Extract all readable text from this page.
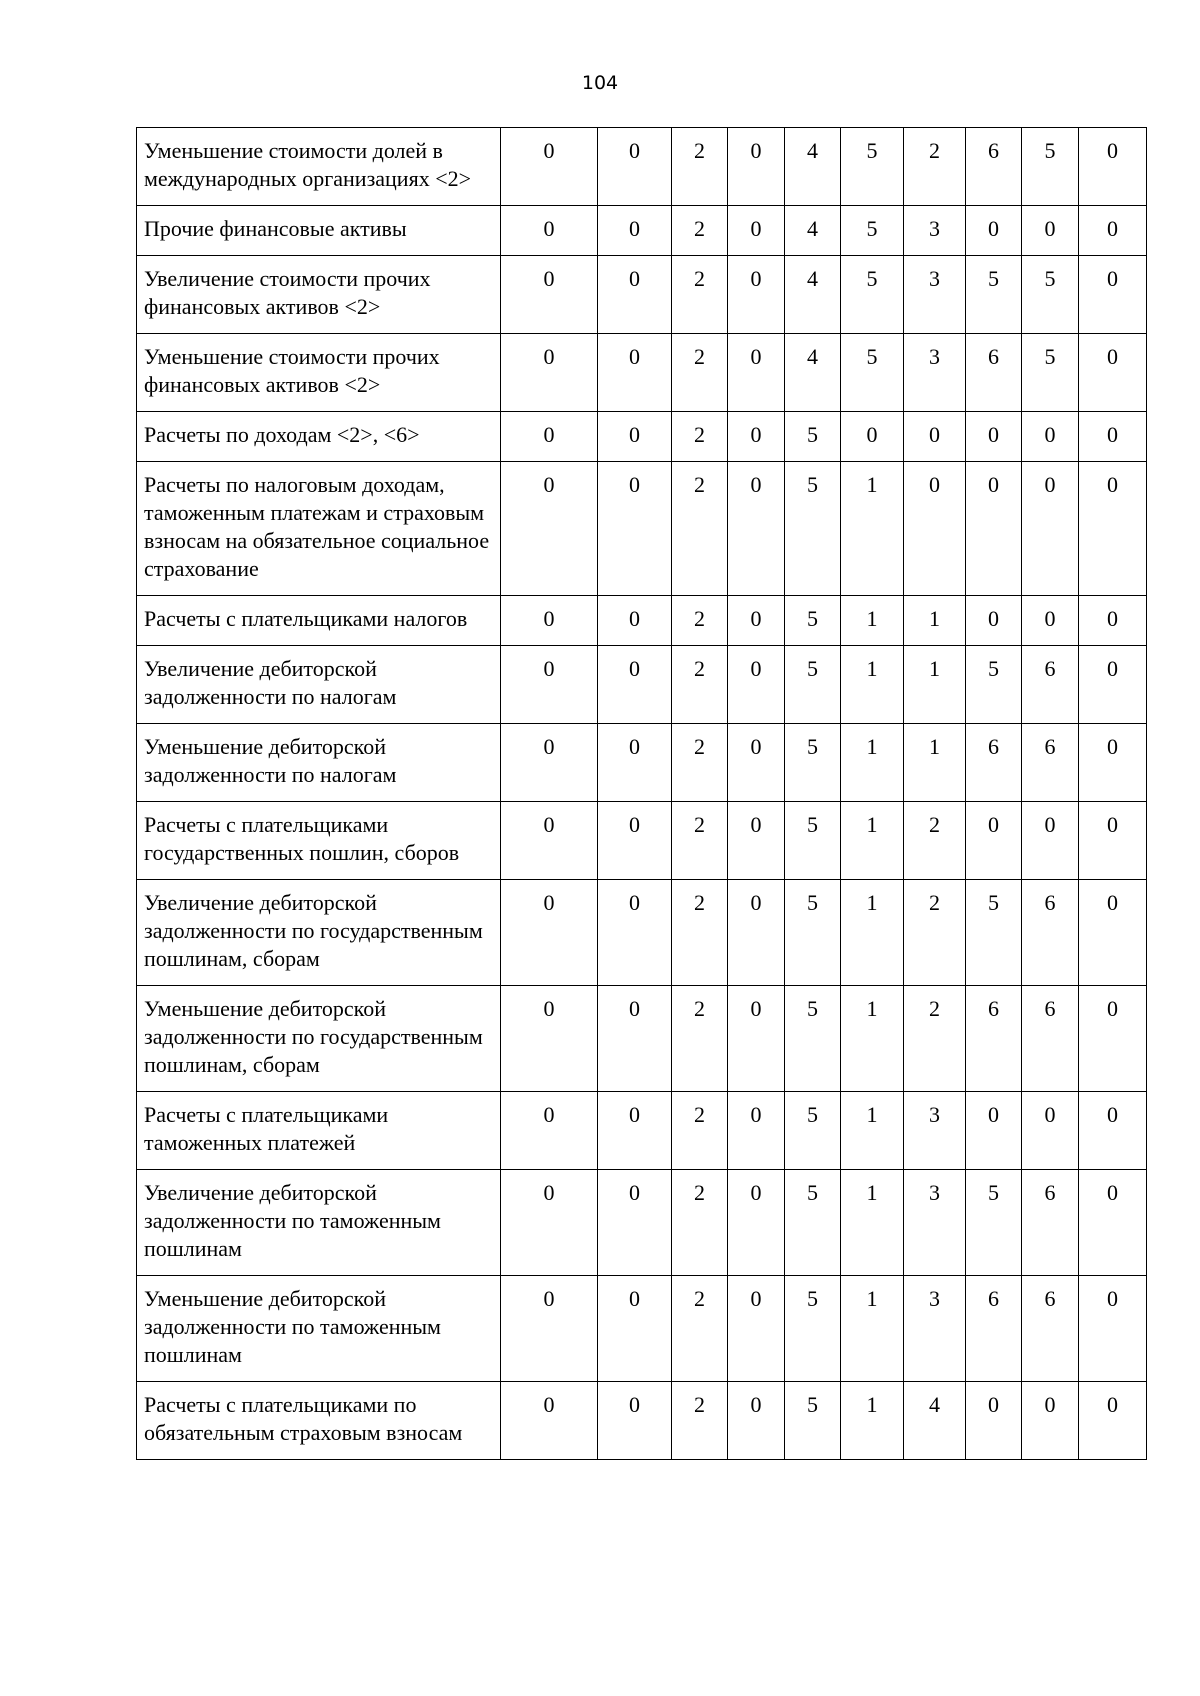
104
Уменьшение стоимости долей в международных организациях <2>	0	0	2	0	4	5	2	6	5	0
Прочие финансовые активы	0	0	2	0	4	5	3	0	0	0
Увеличение стоимости прочих финансовых активов <2>	0	0	2	0	4	5	3	5	5	0
Уменьшение стоимости прочих финансовых активов <2>	0	0	2	0	4	5	3	6	5	0
Расчеты по доходам <2>, <6>	0	0	2	0	5	0	0	0	0	0
Расчеты по налоговым доходам, таможенным платежам и страховым взносам на обязательное социальное страхование	0	0	2	0	5	1	0	0	0	0
Расчеты с плательщиками налогов	0	0	2	0	5	1	1	0	0	0
Увеличение дебиторской задолженности по налогам	0	0	2	0	5	1	1	5	6	0
Уменьшение дебиторской задолженности по налогам	0	0	2	0	5	1	1	6	6	0
Расчеты с плательщиками государственных пошлин, сборов	0	0	2	0	5	1	2	0	0	0
Увеличение дебиторской задолженности по государственным пошлинам, сборам	0	0	2	0	5	1	2	5	6	0
Уменьшение дебиторской задолженности по государственным пошлинам, сборам	0	0	2	0	5	1	2	6	6	0
Расчеты с плательщиками таможенных платежей	0	0	2	0	5	1	3	0	0	0
Увеличение дебиторской задолженности по таможенным пошлинам	0	0	2	0	5	1	3	5	6	0
Уменьшение дебиторской задолженности по таможенным пошлинам	0	0	2	0	5	1	3	6	6	0
Расчеты с плательщиками по обязательным страховым взносам	0	0	2	0	5	1	4	0	0	0
